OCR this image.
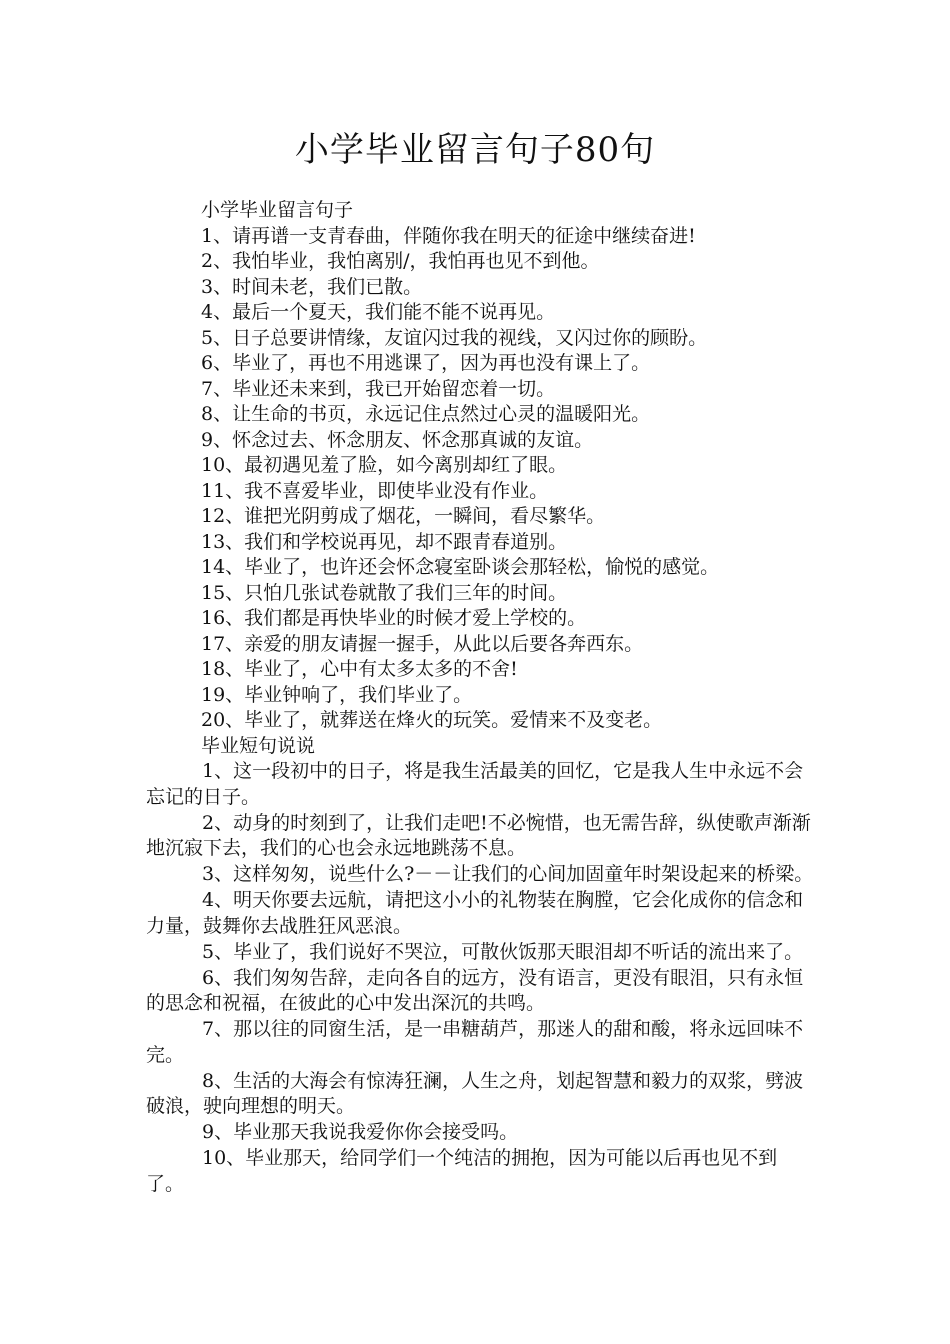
小学毕业留言句子80句
小学毕业留言句子
1、请再谱一支青春曲，伴随你我在明天的征途中继续奋进!
2、我怕毕业，我怕离别/，我怕再也见不到他。
3、时间未老，我们已散。
4、最后一个夏天，我们能不能不说再见。
5、日子总要讲情缘，友谊闪过我的视线，又闪过你的顾盼。
6、毕业了，再也不用逃课了，因为再也没有课上了。
7、毕业还未来到，我已开始留恋着一切。
8、让生命的书页，永远记住点然过心灵的温暖阳光。
9、怀念过去、怀念朋友、怀念那真诚的友谊。
10、最初遇见羞了脸，如今离别却红了眼。
11、我不喜爱毕业，即使毕业没有作业。
12、谁把光阴剪成了烟花，一瞬间，看尽繁华。
13、我们和学校说再见，却不跟青春道别。
14、毕业了，也许还会怀念寝室卧谈会那轻松，愉悦的感觉。
15、只怕几张试卷就散了我们三年的时间。
16、我们都是再快毕业的时候才爱上学校的。
17、亲爱的朋友请握一握手，从此以后要各奔西东。
18、毕业了，心中有太多太多的不舍!
19、毕业钟响了，我们毕业了。
20、毕业了，就葬送在烽火的玩笑。爱情来不及变老。
毕业短句说说
1、这一段初中的日子，将是我生活最美的回忆，它是我人生中永远不会忘记的日子。
2、动身的时刻到了，让我们走吧!不必惋惜，也无需告辞，纵使歌声渐渐地沉寂下去，我们的心也会永远地跳荡不息。
3、这样匆匆，说些什么?－－让我们的心间加固童年时架设起来的桥梁。
4、明天你要去远航，请把这小小的礼物装在胸膛，它会化成你的信念和力量，鼓舞你去战胜狂风恶浪。
5、毕业了，我们说好不哭泣，可散伙饭那天眼泪却不听话的流出来了。
6、我们匆匆告辞，走向各自的远方，没有语言，更没有眼泪，只有永恒的思念和祝福，在彼此的心中发出深沉的共鸣。
7、那以往的同窗生活，是一串糖葫芦，那迷人的甜和酸，将永远回味不完。
8、生活的大海会有惊涛狂澜，人生之舟，划起智慧和毅力的双浆，劈波破浪，驶向理想的明天。
9、毕业那天我说我爱你你会接受吗。
10、毕业那天，给同学们一个纯洁的拥抱，因为可能以后再也见不到了。
